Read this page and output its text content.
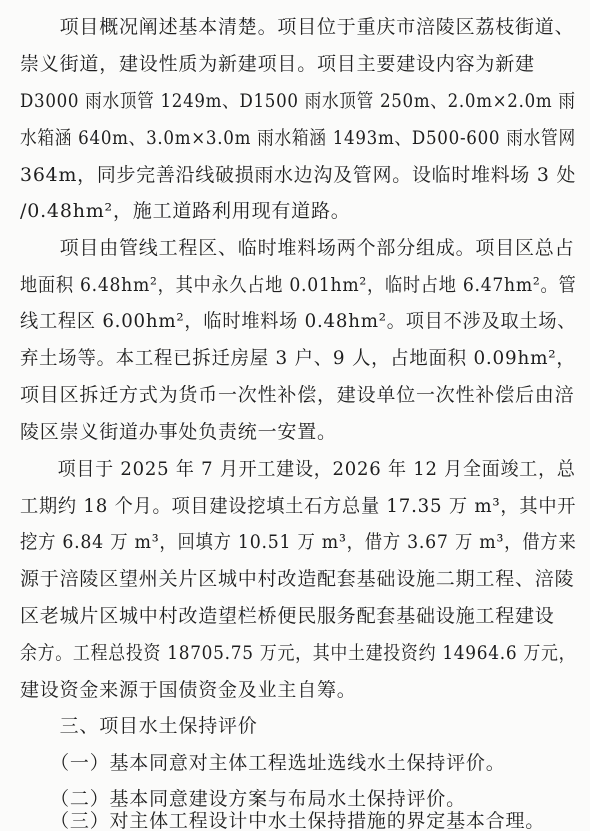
　　项目概况阐述基本清楚。项目位于重庆市涪陵区荔枝街道、
崇义街道，建设性质为新建项目。项目主要建设内容为新建
D3000 雨水顶管 1249m、D1500 雨水顶管 250m、2.0m×2.0m 雨
水箱涵 640m、3.0m×3.0m 雨水箱涵 1493m、D500-600 雨水管网
364m，同步完善沿线破损雨水边沟及管网。设临时堆料场 3 处
/0.48hm²，施工道路利用现有道路。
　　项目由管线工程区、临时堆料场两个部分组成。项目区总占
地面积 6.48hm²，其中永久占地 0.01hm²，临时占地 6.47hm²。管
线工程区 6.00hm²，临时堆料场 0.48hm²。项目不涉及取土场、
弃土场等。本工程已拆迁房屋 3 户、9 人，占地面积 0.09hm²，
项目区拆迁方式为货币一次性补偿，建设单位一次性补偿后由涪
陵区崇义街道办事处负责统一安置。
　　项目于 2025 年 7 月开工建设，2026 年 12 月全面竣工，总
工期约 18 个月。项目建设挖填土石方总量 17.35 万 m³，其中开
挖方 6.84 万 m³，回填方 10.51 万 m³，借方 3.67 万 m³，借方来
源于涪陵区望州关片区城中村改造配套基础设施二期工程、涪陵
区老城片区城中村改造望栏桥便民服务配套基础设施工程建设
余方。工程总投资 18705.75 万元，其中土建投资约 14964.6 万元，
建设资金来源于国债资金及业主自筹。
　　三、项目水土保持评价
　　（一）基本同意对主体工程选址选线水土保持评价。
　　（二）基本同意建设方案与布局水土保持评价。
　　（三）对主体工程设计中水土保持措施的界定基本合理。
